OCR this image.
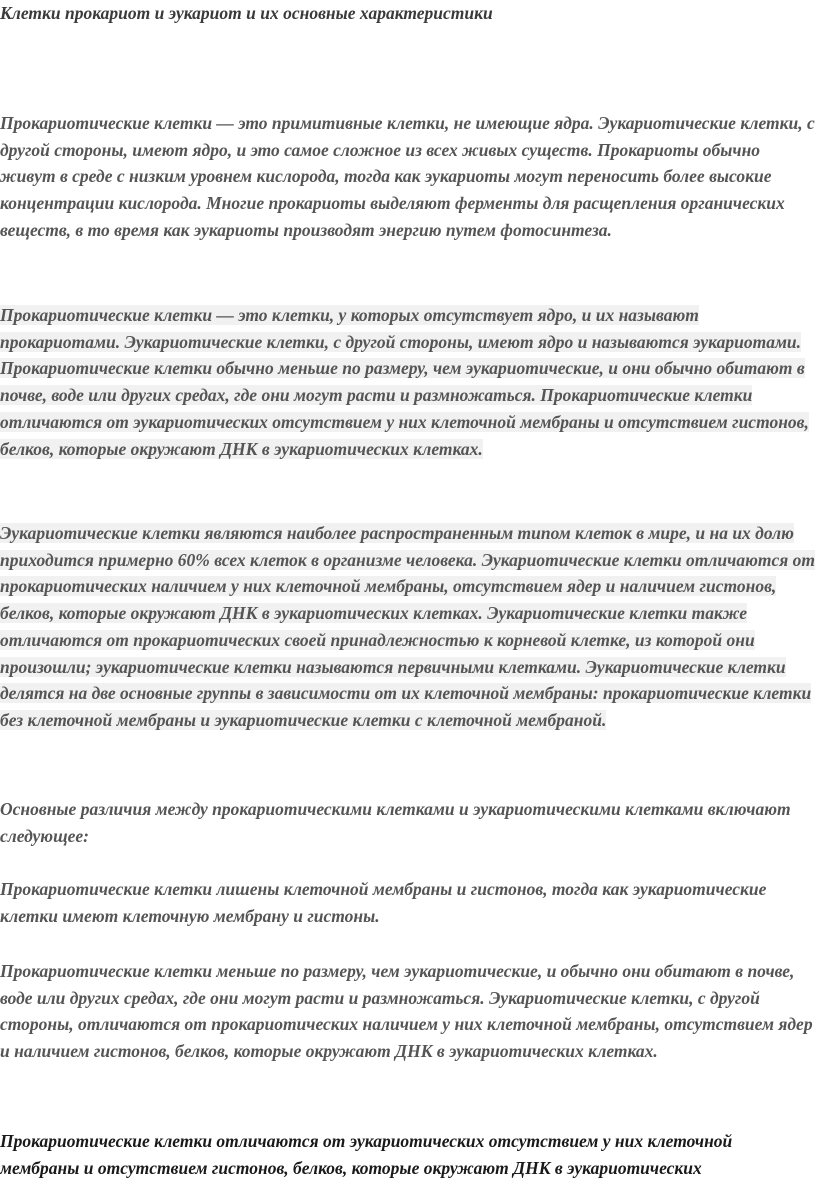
Клетки прокариот и эукариот и их основные характеристики

Прокариотические клетки — это примитивные клетки, не имеющие ядра. Эукариотические клетки, с другой стороны, имеют ядро, и это самое сложное из всех живых существ. Прокариоты обычно живут в среде с низким уровнем кислорода, тогда как эукариоты могут переносить более высокие концентрации кислорода. Многие прокариоты выделяют ферменты для расщепления органических веществ, в то время как эукариоты производят энергию путем фотосинтеза.

Прокариотические клетки — это клетки, у которых отсутствует ядро, и их называют прокариотами. Эукариотические клетки, с другой стороны, имеют ядро и называются эукариотами. Прокариотические клетки обычно меньше по размеру, чем эукариотические, и они обычно обитают в почве, воде или других средах, где они могут расти и размножаться. Прокариотические клетки отличаются от эукариотических отсутствием у них клеточной мембраны и отсутствием гистонов, белков, которые окружают ДНК в эукариотических клетках.

Эукариотические клетки являются наиболее распространенным типом клеток в мире, и на их долю приходится примерно 60% всех клеток в организме человека. Эукариотические клетки отличаются от прокариотических наличием у них клеточной мембраны, отсутствием ядер и наличием гистонов, белков, которые окружают ДНК в эукариотических клетках. Эукариотические клетки также отличаются от прокариотических своей принадлежностью к корневой клетке, из которой они произошли; эукариотические клетки называются первичными клетками. Эукариотические клетки делятся на две основные группы в зависимости от их клеточной мембраны: прокариотические клетки без клеточной мембраны и эукариотические клетки с клеточной мембраной.

Основные различия между прокариотическими клетками и эукариотическими клетками включают следующее:

Прокариотические клетки лишены клеточной мембраны и гистонов, тогда как эукариотические клетки имеют клеточную мембрану и гистоны.

Прокариотические клетки меньше по размеру, чем эукариотические, и обычно они обитают в почве, воде или других средах, где они могут расти и размножаться. Эукариотические клетки, с другой стороны, отличаются от прокариотических наличием у них клеточной мембраны, отсутствием ядер и наличием гистонов, белков, которые окружают ДНК в эукариотических клетках.

Прокариотические клетки отличаются от эукариотических отсутствием у них клеточной мембраны и отсутствием гистонов, белков, которые окружают ДНК в эукариотических
